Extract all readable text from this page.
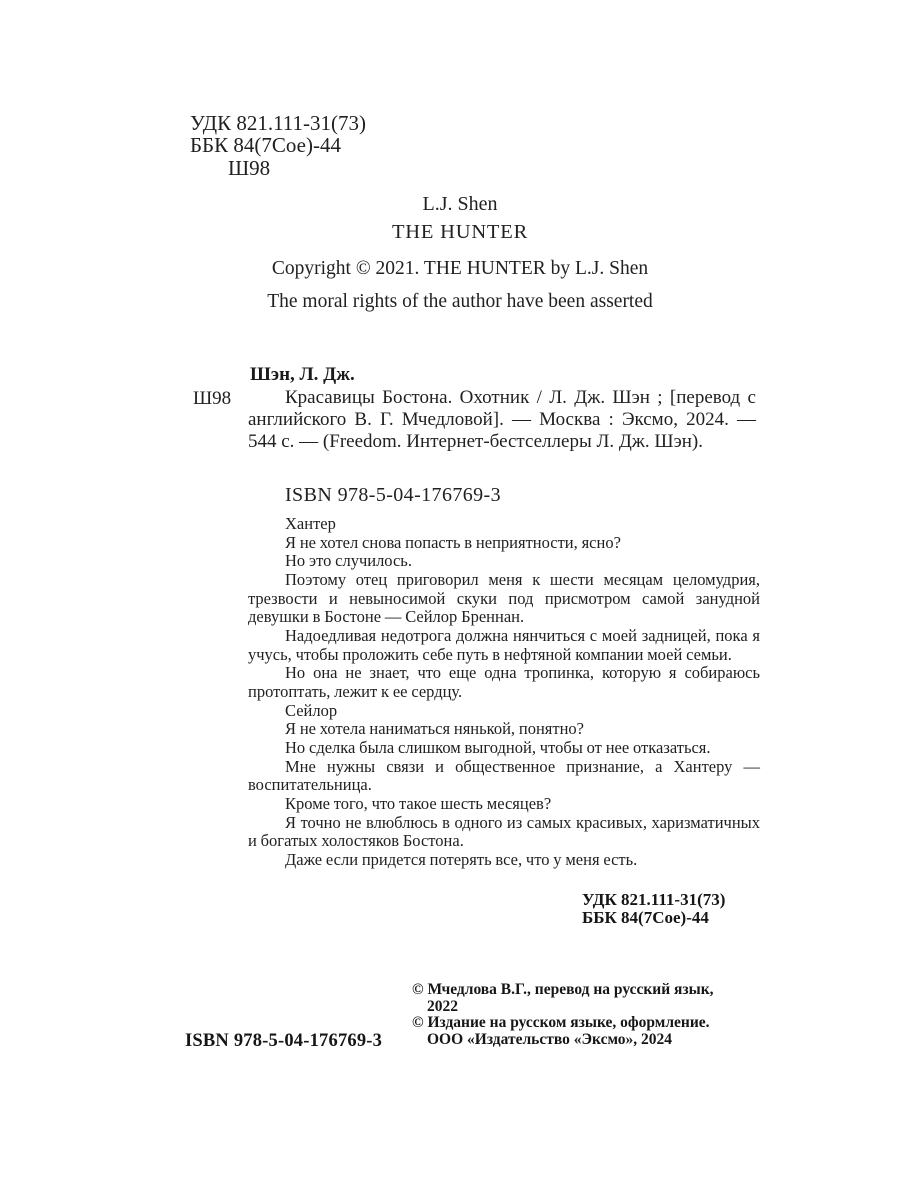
УДК 821.111-31(73)
ББК 84(7Сое)-44
Ш98
L.J. Shen
THE HUNTER
Copyright © 2021. THE HUNTER by L.J. Shen
The moral rights of the author have been asserted
Шэн, Л. Дж.
Ш98	Красавицы Бостона. Охотник / Л. Дж. Шэн ; [перевод с английского В. Г. Мчедловой]. — Москва : Эксмо, 2024. — 544 с. — (Freedom. Интернет-бестселлеры Л. Дж. Шэн).
ISBN 978-5-04-176769-3

Хантер

Я не хотел снова попасть в неприятности, ясно?

Но это случилось.

Поэтому отец приговорил меня к шести месяцам целомудрия, трезвости и невыносимой скуки под присмотром самой занудной девушки в Бостоне — Сейлор Бреннан.

Надоедливая недотрога должна нянчиться с моей задницей, пока я учусь, чтобы проложить себе путь в нефтяной компании моей семьи.

Но она не знает, что еще одна тропинка, которую я собираюсь протоптать, лежит к ее сердцу.

Сейлор

Я не хотела наниматься нянькой, понятно?

Но сделка была слишком выгодной, чтобы от нее отказаться.

Мне нужны связи и общественное признание, а Хантеру — воспитательница.

Кроме того, что такое шесть месяцев?

Я точно не влюблюсь в одного из самых красивых, харизматичных и богатых холостяков Бостона.

Даже если придется потерять все, что у меня есть.

УДК 821.111-31(73)
ББК 84(7Сое)-44
© Мчедлова В.Г., перевод на русский язык,
2022
© Издание на русском языке, оформление.
ООО «Издательство «Эксмо», 2024
ISBN 978-5-04-176769-3
